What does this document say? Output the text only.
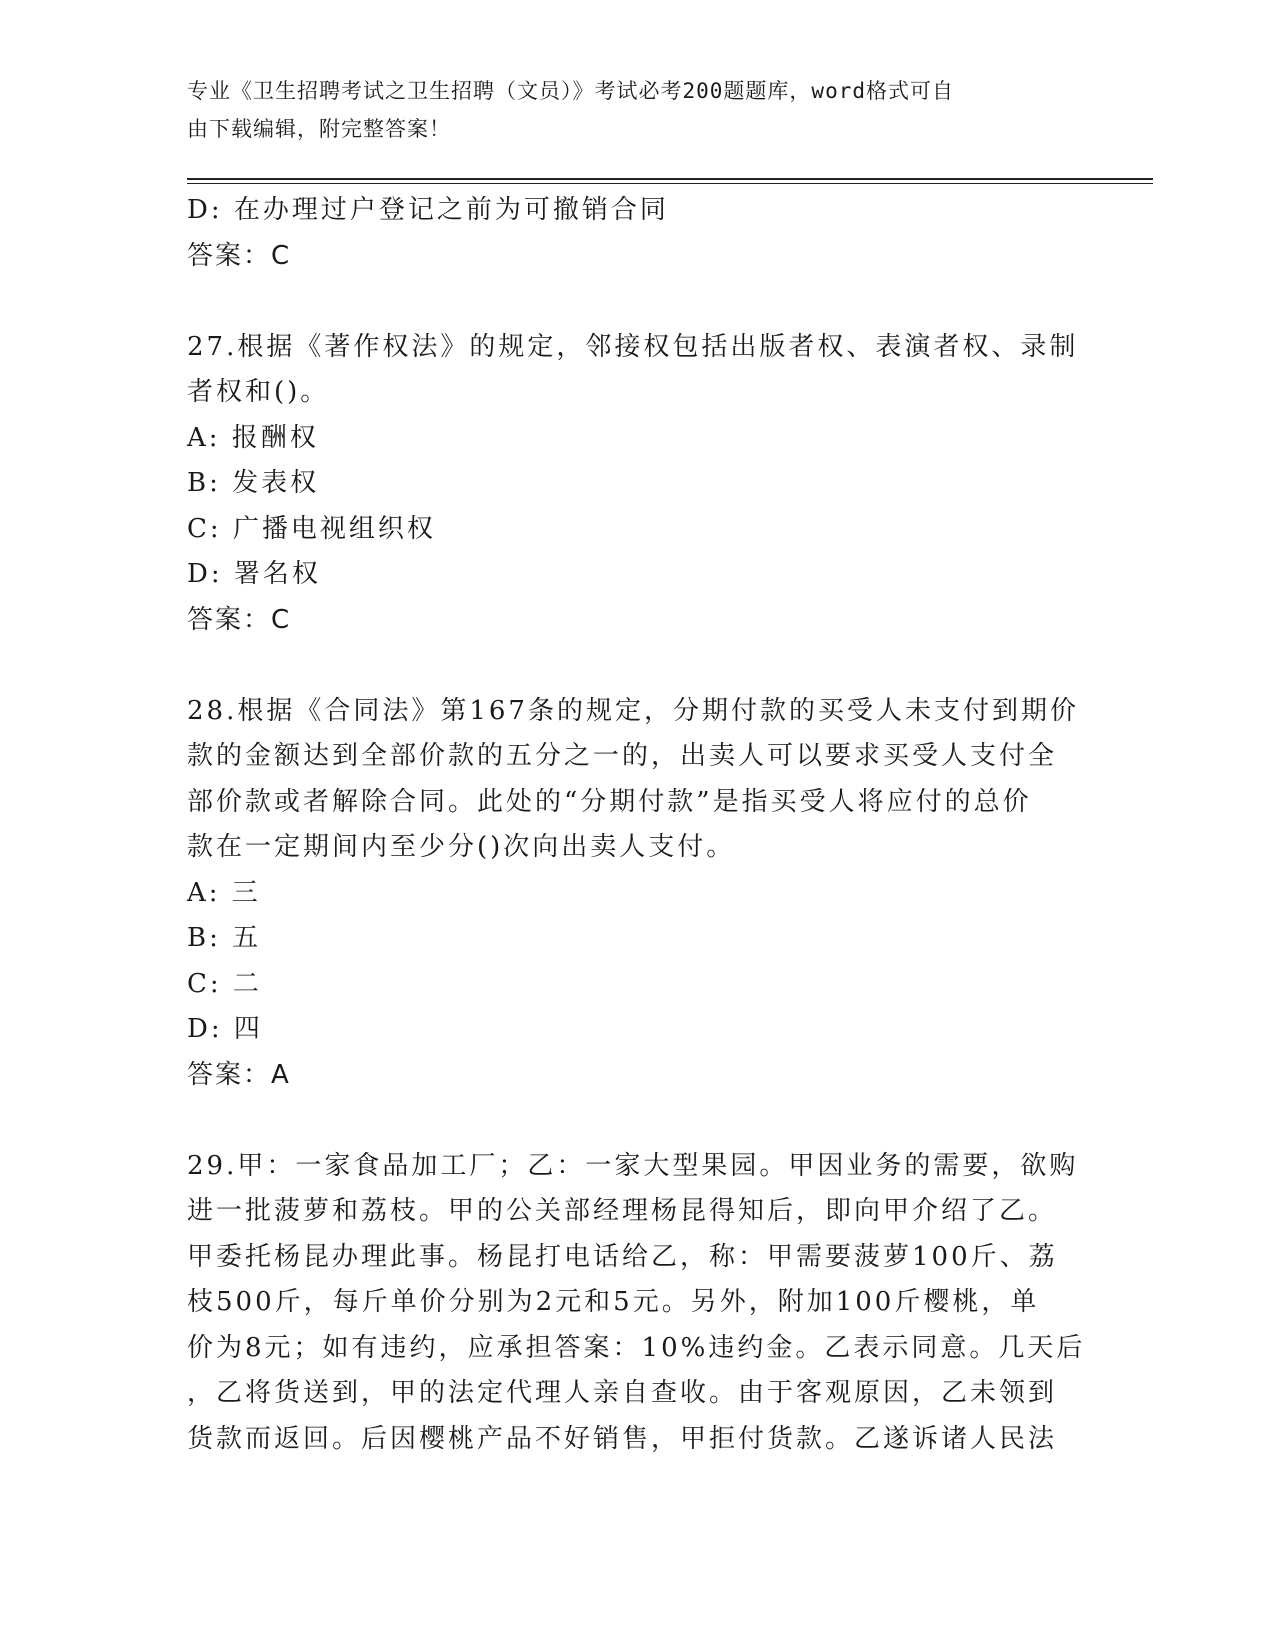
专业《卫生招聘考试之卫生招聘（文员）》考试必考200题题库，word格式可自
由下载编辑，附完整答案！
D: 在办理过户登记之前为可撤销合同
答案：C
27.根据《著作权法》的规定，邻接权包括出版者权、表演者权、录制
者权和()。
A: 报酬权
B: 发表权
C: 广播电视组织权
D: 署名权
答案：C
28.根据《合同法》第167条的规定，分期付款的买受人未支付到期价
款的金额达到全部价款的五分之一的，出卖人可以要求买受人支付全
部价款或者解除合同。此处的“分期付款”是指买受人将应付的总价
款在一定期间内至少分()次向出卖人支付。
A: 三
B: 五
C: 二
D: 四
答案：A
29.甲：一家食品加工厂；乙：一家大型果园。甲因业务的需要，欲购
进一批菠萝和荔枝。甲的公关部经理杨昆得知后，即向甲介绍了乙。
甲委托杨昆办理此事。杨昆打电话给乙，称：甲需要菠萝100斤、荔
枝500斤，每斤单价分别为2元和5元。另外，附加100斤樱桃，单
价为8元；如有违约，应承担答案：10%违约金。乙表示同意。几天后
，乙将货送到，甲的法定代理人亲自查收。由于客观原因，乙未领到
货款而返回。后因樱桃产品不好销售，甲拒付货款。乙遂诉诸人民法
